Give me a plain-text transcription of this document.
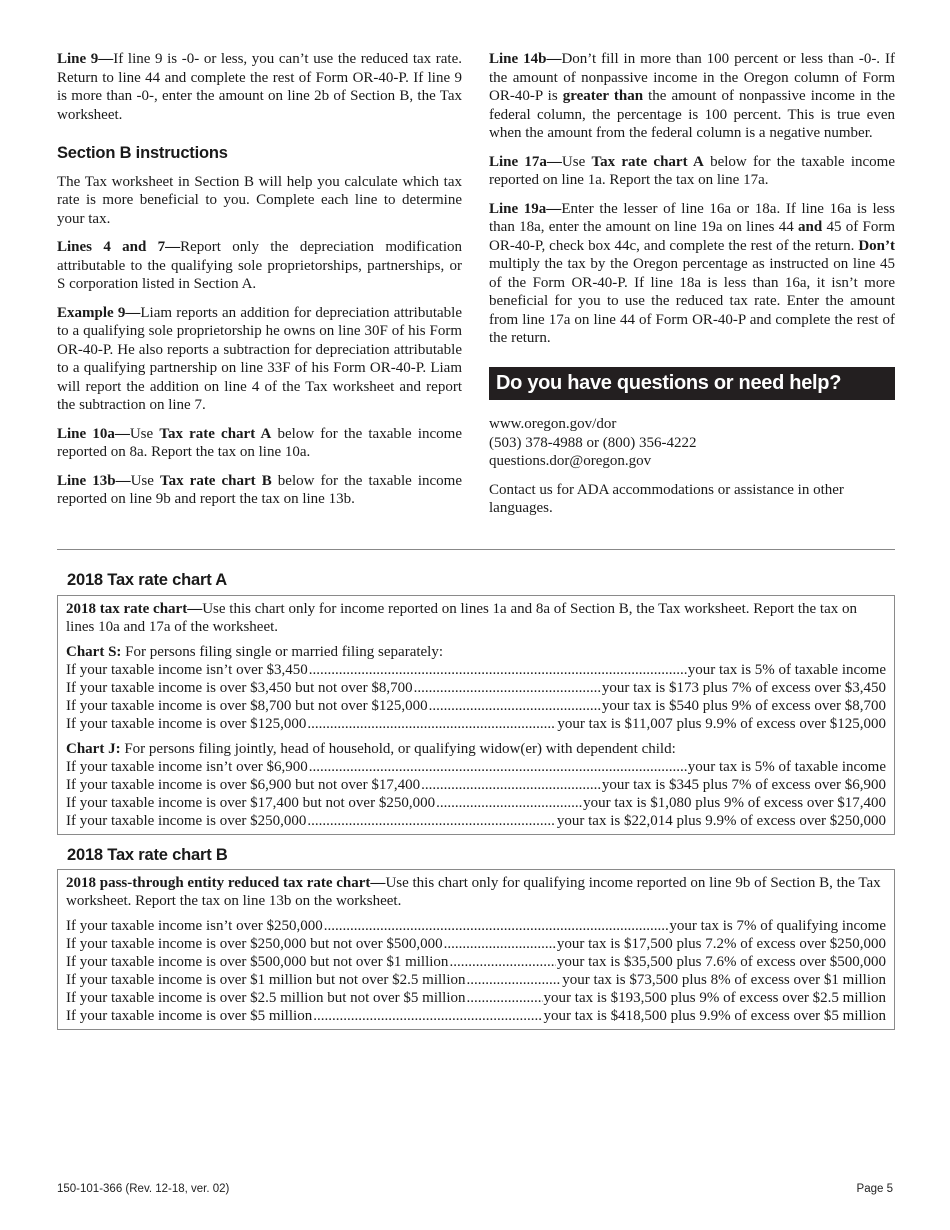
Line 9—If line 9 is -0- or less, you can’t use the reduced tax rate. Return to line 44 and complete the rest of Form OR-40-P. If line 9 is more than -0-, enter the amount on line 2b of Section B, the Tax worksheet.

Section B instructions

The Tax worksheet in Section B will help you calculate which tax rate is more beneficial to you. Complete each line to determine your tax.

Lines 4 and 7—Report only the depreciation modification attributable to the qualifying sole proprietorships, partnerships, or S corporation listed in Section A.

Example 9—Liam reports an addition for depreciation attributable to a qualifying sole proprietorship he owns on line 30F of his Form OR-40-P. He also reports a subtraction for depreciation attributable to a qualifying partnership on line 33F of his Form OR-40-P. Liam will report the addition on line 4 of the Tax worksheet and report the subtraction on line 7.

Line 10a—Use Tax rate chart A below for the taxable income reported on 8a. Report the tax on line 10a.

Line 13b—Use Tax rate chart B below for the taxable income reported on line 9b and report the tax on line 13b.

Line 14b—Don’t fill in more than 100 percent or less than -0-. If the amount of nonpassive income in the Oregon column of Form OR-40-P is greater than the amount of nonpassive income in the federal column, the percentage is 100 percent. This is true even when the amount from the federal column is a negative number.

Line 17a—Use Tax rate chart A below for the taxable income reported on line 1a. Report the tax on line 17a.

Line 19a—Enter the lesser of line 16a or 18a. If line 16a is less than 18a, enter the amount on line 19a on lines 44 and 45 of Form OR-40-P, check box 44c, and complete the rest of the return. Don’t multiply the tax by the Oregon percentage as instructed on line 45 of the Form OR-40-P. If line 18a is less than 16a, it isn’t more beneficial for you to use the reduced tax rate. Enter the amount from line 17a on line 44 of Form OR-40-P and complete the rest of the return.

Do you have questions or need help?
www.oregon.gov/dor
(503) 378-4988 or (800) 356-4222
questions.dor@oregon.gov

Contact us for ADA accommodations or assistance in other languages.

2018 Tax rate chart A

2018 tax rate chart—Use this chart only for income reported on lines 1a and 8a of Section B, the Tax worksheet. Report the tax on lines 10a and 17a of the worksheet.

Chart S: For persons filing single or married filing separately:

If your taxable income isn’t over $3,450 .....	your tax is 5% of taxable income
If your taxable income is over $3,450 but not over $8,700 .....	your tax is $173 plus 7% of excess over $3,450
If your taxable income is over $8,700 but not over $125,000 .....	your tax is $540 plus 9% of excess over $8,700
If your taxable income is over $125,000 .....	your tax is $11,007 plus 9.9% of excess over $125,000

Chart J: For persons filing jointly, head of household, or qualifying widow(er) with dependent child:

If your taxable income isn’t over $6,900 .....	your tax is 5% of taxable income
If your taxable income is over $6,900 but not over $17,400 .....	your tax is $345 plus 7% of excess over $6,900
If your taxable income is over $17,400 but not over $250,000 .....	your tax is $1,080 plus 9% of excess over $17,400
If your taxable income is over $250,000 .....	your tax is $22,014 plus 9.9% of excess over $250,000
2018 Tax rate chart B

2018 pass-through entity reduced tax rate chart—Use this chart only for qualifying income reported on line 9b of Section B, the Tax worksheet. Report the tax on line 13b on the worksheet.

If your taxable income isn’t over $250,000 .....	your tax is 7% of qualifying income
If your taxable income is over $250,000 but not over $500,000 .....	your tax is $17,500 plus 7.2% of excess over $250,000
If your taxable income is over $500,000 but not over $1 million .....	your tax is $35,500 plus 7.6% of excess over $500,000
If your taxable income is over $1 million but not over $2.5 million .....	your tax is $73,500 plus 8% of excess over $1 million
If your taxable income is over $2.5 million but not over $5 million .....	your tax is $193,500 plus 9% of excess over $2.5 million
If your taxable income is over $5 million .....	your tax is $418,500 plus 9.9% of excess over $5 million
150-101-366 (Rev. 12-18, ver. 02)	Page 5
